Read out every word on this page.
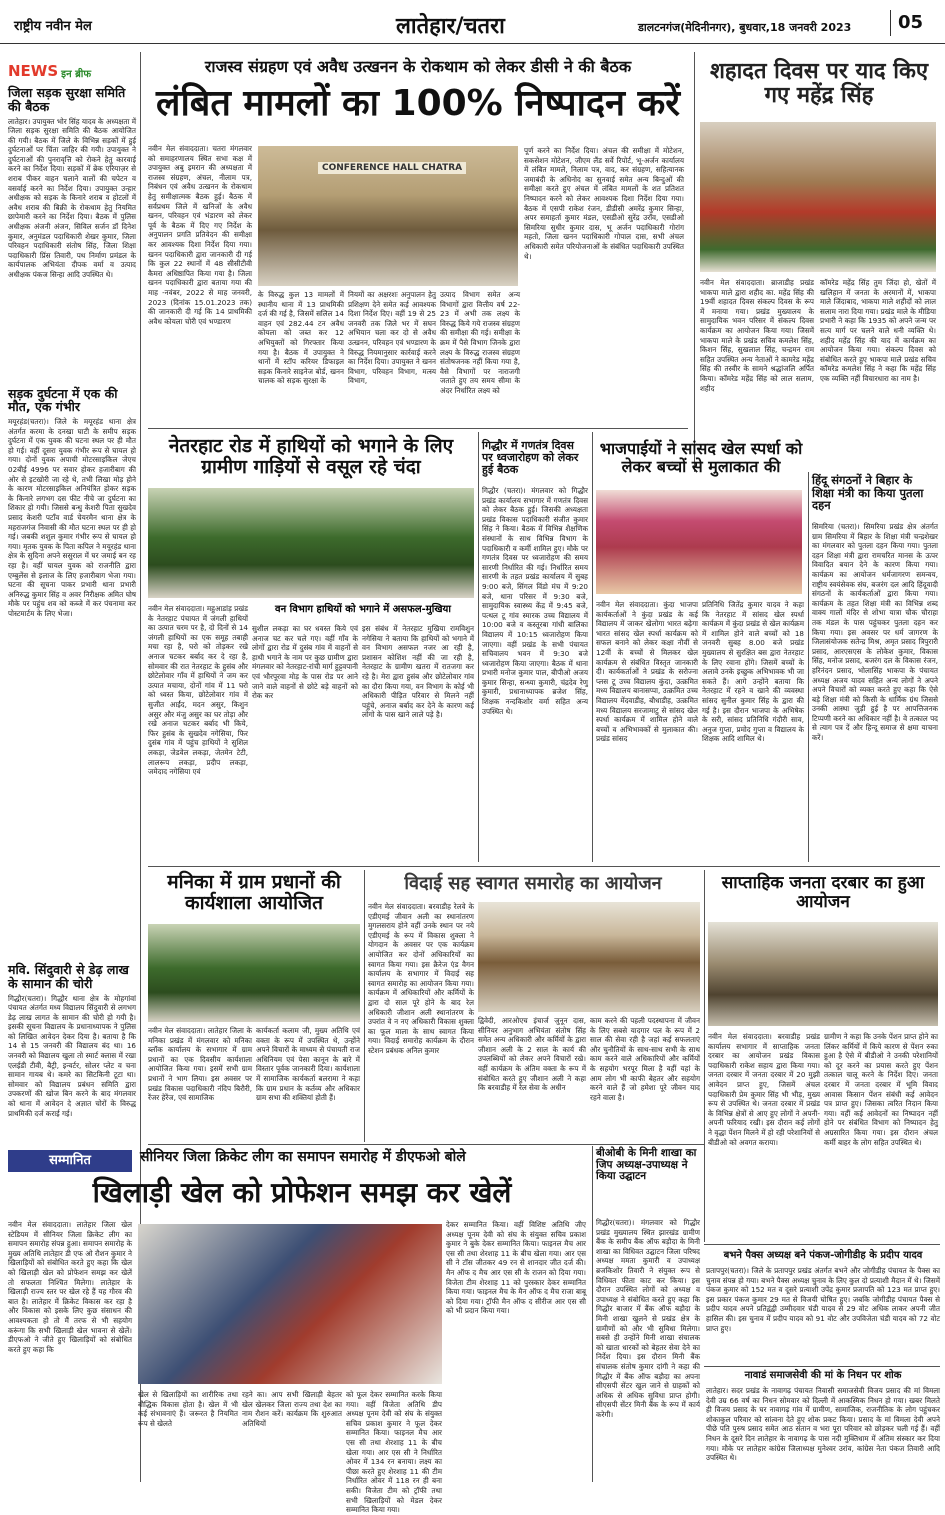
राष्ट्रीय नवीन मेल	लातेहार/चतरा	डालटनगंज(मेदिनीनगर), बुधवार,18 जनवरी 2023	05
NEWS इन ब्रीफ
जिला सड़क सुरक्षा समिति की बैठक
लातेहार। उपायुक्त भोर सिंह यादव के अध्यक्षता में जिला सड़क सुरक्षा समिति की बैठक आयोजित की गयी। बैठक में जिले के विभिन्न सड़कों में हुई दुर्घटनाओं पर चिंता जाहिर की गयी। उपायुक्त ने दुर्घटनाओं की पुनरावृत्ति को रोकने हेतु कारवाई करने का निर्देश दिया। सड़कों में ब्रेक एरियाज़र से शराब पीकर वाहन चलाने वालों की चपेटन व वसर्वाई करने का निर्देश दिया। उपायुक्त उन्हार अधीक्षक को सड़क के किनारे शराब व होटलों में अवैध शराब की बिक्री के रोकथाम हेतु नियमित छापेमारी करने का निर्देश दिया। बैठक में पुलिस अधीक्षक अंजनी अंजन, सिविल सर्जन डॉ दिनेश कुमार, अनुमंडल पदाधिकारी शेखर कुमार, जिला परिवहन पदाधिकारी संतोष सिंह, जिला शिक्षा पदाधिकारी प्रिंस तिवारी, पथ निर्माण प्रमंडल के कार्यपालक अभियंता दीपक वर्मा व उत्पाद अधीक्षक पंकज सिन्हा आदि उपस्थित थे।
सड़क दुर्घटना में एक की मौत, एक गंभीर
मयूरहंड(चतरा)। जिले के मयूरहंड थाना क्षेत्र अंतर्गत करमा के दनखा घाटी के समीप सड़क दुर्घटना में एक युवक की घटना स्थल पर ही मौत हो गई। वहीं दूसरा युवक गंभीर रूप से घायल हो गया। दोनों युवक अपाची मोटरसाइकिल जेएच 02बीई 4996 पर सवार होकर हजारीबाग की ओर से इटखोरी जा रहे थे, तभी लिखा मोड़ होने के कारण मोटरसाइकिल अनियंत्रित होकर सड़क के किनारे लगभग दस फीट नीचे जा दुर्घटना का शिकार हो गयी। जिससे बन्धु केशरी पिता सुखदेव प्रसाद केशरी पटाँव वार्ड चेयरमैन थाना क्षेत्र के महराजगंज निवासी की मौत घटना स्थल पर ही हो गई। जबकी शशुल कुमार गंभीर रूप से घायल हो गया। मृतक युवक के पिता कपिल ने मयूरहंड थाना क्षेत्र के सुदिना अपने ससुराल में घर जमाई बन रह रहा है। वहीं घायल युवक को राजनीति द्वारा एम्बुलेंस से इलाज के लिए हजारीबाग भेजा गया। घटना की सूचना पाकर प्रभारी थाना प्रभारी अनिरुद्ध कुमार सिंह व अवर निरीक्षक अमित घोष मौके पर पहुंच शव को कब्जे में कर पंचनामा कर पोस्टमार्टम के लिए भेजा।
मवि. सिंदुवारी से डेढ़ लाख के सामान की चोरी
गिद्धौर(चतरा)। गिद्धौर थाना क्षेत्र के मोहगांवां पंचायत अंतर्गत मध्य विद्यालय सिंदुवारी से लगभग डेढ़ लाख लागत के सामान की चोरी हो गयी है। इसकी सूचना विद्यालय के प्रधानाध्यापक ने पुलिस को लिखित आवेदन देकर दिया है। बताया है कि 14 से 15 जनवरी की विद्यालय बंद था। 16 जनवरी को विद्यालय खुला तो स्मार्ट क्लास में रखा एलईडी टीवी, बैट्री, इन्वर्टर, सोलर प्लेट व चना सामान गायब थे। कमरे का सिटकिनी टूटा था। सोमवार को विद्यालय प्रबंधन समिति द्वारा उपकरणों की खोज बिन करने के बाद मंगलवार को थाना में आवेदन दे अज्ञात चोरों के विरुद्ध प्राथमिकी दर्ज कराई गई।
राजस्व संग्रहण एवं अवैध उत्खनन के रोकथाम को लेकर डीसी ने की बैठक
लंबित मामलों का 100% निष्पादन करें
नवीन मेल संवाददाता। चतरा मंगलवार को समाहरणालय स्थित सभा कक्ष में उपायुक्त अबु इमरान की अध्यक्षता में राजस्व संग्रहण, अंचल, नीलाम पत्र, निबंधन एवं अवैध उत्खनन के रोकथाम हेतु समीक्षात्मक बैठक हुई। बैठक में सर्वप्रथम जिले में खनिजों के अवैध खनन, परिवहन एवं भंडारण को लेकर पूर्व के बैठक में दिए गए निर्देश के अनुपालन प्रगति प्रतिवेदन की समीक्षा कर आवश्यक दिशा निर्देश दिया गया। खनन पदाधिकारी द्वारा जानकारी दी गई कि कुल 22 स्थानों में 48 सीसीटीवी कैमरा अधिष्ठापित किया गया है। जिला खनन पदाधिकारी द्वारा बताया गया की माह -नवंबर, 2022 से माह जनवरी, 2023 (दिनांक 15.01.2023 तक) की जानकारी दी गई कि 14 प्राथमिकी अवैध कोयला चोरी एवं भण्डारण
CONFERENCE HALL CHATRA
के विरुद्ध कुल 13 मामलों में स्थानीय थाना में 13 प्राथमिकी दर्ज की गई है, जिसमें सलिल 14 वाहन एवं 282.44 टन अवैध कोयला को जब्त कर 12 अभियुक्तों को गिरफ्तार किया गया है। बैठक में उपायुक्त ने थानों में स्टॉप करियर डिफाइल सड़क किनारे साइनेज बोर्ड, खनन चालक को सड़क सुरक्षा के
नियमों का अक्षरशः अनुपालन हेतु प्रशिक्षण देने समेत कई आवश्यक दिशा निर्देश दिए। वहीं 19 से 25 जनवरी तक जिले भर में सघन अभियान चला कर दो से अवैध उत्खनन, परिवहन एवं भण्डारण के विरुद्ध नियमानुसार कार्रवाई करने का निर्देश दिया। उपायुक्त ने खनन विभाग, परिवहन विभाग, मत्स्य विभाग,
उत्पाद विभाग समेत अन्य विभागों द्वारा वित्तीय वर्ष 22-23 में अभी तक लक्ष्य के विरुद्ध किये गये राजस्व संग्रहण की समीक्षा की गई। समीक्षा के क्रम में पैसे विभाग जिनके द्वारा लक्ष्य के विरुद्ध राजस्व संग्रहण संतोषजनक नहीं किया गया है, वैसे विभागों पर नाराजगी जताते हुए तय समय सीमा के अंदर निर्धारित लक्ष्य को
पूर्ण करने का निर्देश दिया। अंचल की समीक्षा में मोटेशन, सकसेशन मोटेशन, जीएम लैंड सर्वे रिपोर्ट, भू-अर्जन कार्यालय में लंबित मामले, निलाम पत्र, वाद, कर संग्रहण, सहित्यानक जमाबंदी के अधिनोद का सुनवाई समेत अन्य बिन्दुओं की समीक्षा करते हुए अंचल में लंबित मामलों के शत प्रतिशत निष्पादन करने को लेकर आवश्यक दिशा निर्देश दिया गया। बैठक में एसपी राकेश रंजन, डीडीसी अमरेंद्र कुमार सिन्हा, अपर समाहर्ता कुमार मंडल, एसडीओ सुरेंद्र उराँव, एसडीओ सिमरिया सुधीर कुमार दास, भू अर्जन पदाधिकारी गोरांग महतो, जिला खनन पदाधिकारी गोपाल दास, सभी अंचल अधिकारी समेत परियोजनाओं के संबंधित पदाधिकारी उपस्थित थे।
शहादत दिवस पर याद किए गए महेंद्र सिंह
नवीन मेल संवाददाता। ब्राजाडीह प्रखंड भाकपा माले द्वारा शहीद का. महेंद्र सिंह की 19वीं शहादत दिवस संकल्प दिवस के रूप में मनाया गया। प्रखंड मुख्यालय के सामुदायिक भवन परिसर में संकल्प दिवस कार्यक्रम का आयोजन किया गया। जिसमें भाकपा माले के प्रखंड सचिव कमलेश सिंह, किशन सिंह, सुखलाल सिंह, चन्द्रमन राम सहित उपस्थित अन्य नेताओं ने कामरेड महेंद्र सिंह की तस्वीर के सामने श्रद्धांजलि अर्पित किया। कॉमरेड महेंद्र सिंह को लाल सलाम, शहीद
कॉमरेड महेंद्र सिंह तुम जिंदा हो, खेतों में खलिहान में जनता के अरमानों में, भाकपा माले जिंदाबाद, भाकपा माले शहीदों को लाल सलाम नारा दिया गया। प्रखंड माले के मीडिया प्रभारी ने कहा कि 1935 को अपने जन्म पर सत्य मार्ग पर चलने वाले धनी व्यक्ति थे। शहीद महेंद्र सिंह की याद में कार्यक्रम का आयोजन किया गया। संकल्प दिवस को संबोधित करते हुए भाकपा माले प्रखंड सचिव कॉमरेड कमलेश सिंह ने कहा कि महेंद्र सिंह एक व्यक्ति नहीं विचारधारा का नाम है।
नेतरहाट रोड में हाथियों को भगाने के लिए ग्रामीण गाड़ियों से वसूल रहे चंदा
नवीन मेल संवाददाता। महुआडांड़ प्रखंड के नेतरहाट पंचायत में जंगली हाथियों का उत्पात चरम पर है, दो दिनों से 14 जंगली हाथियों का एक समूह तबाही मचा रहा है, घरो को तोड़कर रखे अनाज चटकर बर्बाद कर दे रहा है, सोमवार की रात नेतरहाट के हुसंब और छोटेलोवार गाँव में हाथियों ने जम कर उत्पात मचाया, दोनों गांव में 11 घरो को ध्वस्त किया, छोटेलोवार गांव में सुजीत आईंद, मदन असुर, किशुन असुर और मंजु असुर का घर तोड़ा और रखे अनाज चटकर बर्बाद भी किये, फिर हुसंब के सुखदेव नगेसिया, फिर दुसंब गांव में पहुंच हाथियों ने सुशिल लकड़ा, जेडवेल लकड़ा, जेतमेन टेटी, लालरूप लकड़ा, प्रदीप लकड़ा, जमेदाद नगेसिया एवं
वन विभाग हाथियों को भगाने में असफल-मुखिया
सुशील लकड़ा का घर धवस्त किये एवं अनाज चट कर चले गए। वहीं गाँव के लोगों द्वारा रोड में दुसंब गांव में वाहनों से हाथी भगाने के नाम पर कुछ ग्रामीण द्वारा मंगलवार को नेतरहाट-रांची मार्ग हुट्टवपानी एवं भौरपूरवा मोड़ के पास रोड पर आने जाने वाले वाहनों से छोटे बड़े वाहनों को रोक कर
इस संबंध में नेतरहाट मुखिया रामविशुन नगेसिया ने बताया कि हाथियों को भगाने में वन विभाग असफल नजर आ रही है, प्रशासन कोशिश नहीं की जा रही है, नेतरहाट के ग्रामीण खतरा में रातजगा कर रहे है। मेरा द्वारा हुसंब और छोटेलोवार गांव का दौरा किया गया, वन विभाग के कोई भी अधिकारी पीड़ित परिवार से मिलने नहीं पहुंचे, अनाज बर्बाद कर देने के कारण कई लोगो के पास खाने लाले पड़े है।
गिद्धौर में गणतंत्र दिवस पर ध्वजारोहण को लेकर हुई बैठक
गिद्धौर (चतरा)। मंगलवार को गिद्धौर प्रखंड कार्यालय सभागार में गणतंत्र दिवस को लेकर बैठक हुई। जिसकी अध्यक्षता प्रखंड विकास पदाधिकारी संजीत कुमार सिंह ने किया। बैठक में विभिन्न शैक्षणिक संस्थानों के साथ विभिन्न विभाग के पदाधिकारी व कर्मी शामिल हुए। मौके पर गणतंत्र दिवस पर ध्वजारोहण की समय सारणी निर्धारित की गई। निर्धारित समय सारणी के तहत प्रखंड कार्यालय में सुबह 9:00 बजे, सिंगल विंडो मंच में 9:20 बजे, थाना परिसर में 9:30 बजे, सामुदायिक स्वास्थ्य केंद्र में 9:45 बजे, पत्थल टू गांव स्मारक उच्च विद्यालय में 10:00 बजे व कस्तूरबा गांधी बालिका विद्यालय में 10:15 ध्वजारोहण किया जाएगा। वहीं प्रखंड के सभी पंचायत सचिवालय भवन में 9:30 बजे ध्वजारोहण किया जाएगा। बैठक में थाना प्रभारी मनोज कुमार पाल, बीपीओ अजय कुमार सिन्हा, सन्ध्या कुमारी, चंद्रदेव रेणु कुमारी, प्रधानाध्यापक ब्रजेश सिंह, शिक्षक नन्दकिशोर वर्मा सहित अन्य उपस्थित थे।
भाजपाईयों ने सांसद खेल स्पर्धा को लेकर बच्चों से मुलाकात की
नवीन मेल संवाददाता। कुंदा भाजपा कार्यकर्ताओं ने कुंदा प्रखंड के कई विद्यालय में जाकर खेलोगा भारत बढ़ेगा भारत सांसद खेल स्पर्धा कार्यक्रम को सफल बनाने को लेकर कक्षा नौवीं से 12वीं के बच्चों से मिलकर खेल कार्यक्रम से संबंधित विस्तृत जानकारी दी। कार्यकर्ताओं ने प्रखंड के सरोज्ना प्लस टू उच्च विद्यालय कुंदा, उत्क्रमित मध्य विद्यालय बानासप्पा, उत्क्रमित उच्च विद्यालय मेंदवाडीह, बौधाडीह, उत्क्रमित मध्य विद्यालय सरजामाटु से सांसद खेल स्पर्धा कार्यक्रम में शामिल होने वाले बच्चों व अभिभावकों से मुलाकात की। प्रखंड सांसद
प्रतिनिधि जितेंद्र कुमार यादव ने कहा कि नेतरहाट में सांसद खेल स्पर्धा कार्यक्रम में कुंदा प्रखंड से खेल कार्यक्रम में शामिल होने वाले बच्चों को 18 जनवरी सुबह 8.00 बजे प्रखंड मुख्यालय से सुरक्षित बस द्वारा नेतरहाट के लिए रवाना होंगे। जिसमें बच्चों के अलावे उनके इच्छुक अभिभावक भी जा सकते हैं। आगे उन्होंने बताया कि नेतरहाट में रहने व खाने की व्यवस्था सांसद सुनील कुमार सिंह के द्वारा की गई है। इस दौरान भाजपा के अभिषेक के सरी, सांसद प्रतिनिधि गंदौरी साव, अनुज गुप्ता, प्रमोद गुप्ता व विद्यालय के शिक्षक आदि शामिल थे।
हिंदू संगठनों ने बिहार के शिक्षा मंत्री का किया पुतला दहन
सिमरिया (चतरा)। सिमरिया प्रखंड क्षेत्र अंतर्गत ग्राम सिमरिया में बिहार के शिक्षा मंत्री चन्द्रशेखर का मंगलवार को पुतला दहन किया गया। पुतला दहन शिक्षा मंत्री द्वारा रामचरित मानस के ऊपर विवादित बयान देने के कारण किया गया। कार्यक्रम का आयोजन धर्मजागरण समन्वय, राष्ट्रीय स्वयंसेवक संघ, बजरंग दल आदि हिंदूवादी संगठनों के कार्यकर्ताओं द्वारा किया गया। कार्यक्रम के तहत शिक्षा मंत्री का विभिन्न शब्द वाक्य गालों मंदिर से शोभा यात्रा चौक चौराहा तक मंडल के पास पहुंचकर पुतला दहन कर किया गया। इस अवसर पर धर्म जागरण के जिलासंयोजक सतेन्द्र मिश्र, अमृत प्रसाद त्रिपुरारी प्रसाद, आरएसएस के लोकेश कुमार, विकास सिंह, मनोज प्रसाद, बजरंग दल के विकास रंजन, हरिनंदन प्रसाद, भोलासिंह भाकपा के पंचायत अध्यक्ष अजय यादव सहित अन्य लोगों ने अपने अपने विचारों को व्यक्त करते हुए कहा कि ऐसे बड़े शिक्षा मंत्री को किसी के धार्मिक ग्रंथ जिससे उनकी आस्था जुड़ी हुई है पर आपत्तिजनक टिप्पणी करने का अधिकार नहीं है। वे तत्काल पद से त्याग पत्र दें और हिन्दू समाज से क्षमा याचना करें।
मनिका में ग्राम प्रधानों की कार्यशाला आयोजित
नवीन मेल संवाददाता। लातेहार जिला के मनिका प्रखंड में मंगलवार को मनिका ब्लॉक कार्यालय के सभागार में ग्राम प्रधानों का एक दिवसीय कार्यशाला आयोजित किया गया। इसमें सभी ग्राम प्रधानों ने भाग लिया। इस अवसर पर प्रखंड विकास पदाधिकारी नंदिप बिरौरी, रेंजर हेरेंज, एवं सामाजिक
कार्यकर्ता कलाम जी, मुख्य अतिथि एवं वक्ता के रूप में उपस्थित थे, उन्होंने अपने विचारों के माध्यम से पंचायती राज अधिनियम एवं पेसा कानून के बारे में विस्तार पूर्वक जानकारी दिया। कार्यशाला में सामाजिक कार्यकर्ता बलरामा ने कहा कि ग्राम प्रधान के कर्तव्य और अधिकार ग्राम सभा की शक्तियां होती हैं।
विदाई सह स्वागत समारोह का आयोजन
नवीन मेल संवाददाता। बरवाडीह रेलवे के एडीएमई जीवान अली का स्थानांतरण मुगलसराय होने वहीं उनके स्थान पर नये एडीएमई के रूप में विकास शुक्ला ने योगदान के अवसर पर एक कार्यक्रम आयोजित कर दोनों अधिकारियों का स्वागत किया गया। इस क्रैरेज एंड वैगन कार्यालय के सभागार में विदाई सह स्वागत समारोह का आयोजन किया गया। कार्यक्रम में अधिकारियों और कर्मियों के द्वारा दो साल पूरे होने के बाद रेल अधिकारी जीशान अली स्थानांतरण के उपरांत वे न नए अधिकारी विकास शुक्ला का फूल माला के साथ स्वागत किया गया। विदाई समारोह कार्यक्रम के दौरान स्टेशन प्रबंधक अनिल कुमार
द्विवेदी, आरओएच इंचार्ज जुनून दास, सीनियर अनुभाग अभियंता संतोष सिंह समेत अन्य अधिकारी और कर्मियों के द्वारा जीशान अली के 2 साल के कार्य की उपलब्धियों को लेकर अपने विचारों रखे। वहीं कार्यक्रम के अंतिम वक्ता के रूप में संबोधित करते हुए जीशान अली ने कहा कि बरवाडीह में रेल सेवा के अधीन
काम करने की पहली पदस्थापना में जीवन के लिए सबसे यादगार पल के रूप में 2 साल की सेवा रही है जहां कई सफलताएं और चुनौतियों के साथ-साथ सभी के साथ काम करने वाले अधिकारियों और कर्मियों के सहयोग भरपूर मिला है वहीं यहां के आम लोग भी काफी बेहतर और सहयोग करने वाले हैं जो हमेशा पूरे जीवन याद रहने वाला है।
साप्ताहिक जनता दरबार का हुआ आयोजन
नवीन मेल संवाददाता। बरवाडीह प्रखंड कार्यालय सभागार में साप्ताहिक जनता दरबार का आयोजन प्रखंड विकास पदाधिकारी राकेश सहाय द्वारा किया गया। जनता दरबार में जनता दरबार में 20 मुझी आवेदन प्राप्त हुए, जिसमें अंचल पदाधिकारी प्रेम कुमार सिंह भी भीड़, मुख्य रूप से उपस्थित थे। जनता दरबार में प्रखंड के विभिन्न क्षेत्रों से आए हुए लोगों ने अपनी-अपनी फरियाद रखी। इस दौरान कई लोगों ने वृद्धा पेंशन मिलने में हो रही परेशानियों से बीडीओ को अवगत कराया।
ग्रामीण ने कहा कि उनके पेंशन प्राप्त होने का लिंकर कर्मियों में किये कारण से पेंशन रुका हुआ है ऐसे में बीडीओ ने उनकी परेशानियों को दूर करने का प्रयास करते हुए पेंशन तत्काल चालू करने के निर्देश दिए। जनता दरबार में जनता दरबार में भूमि विवाद आवास किसान पेंशन संबंधी कई आवेदन पत्र प्राप्त हुए। जिसका त्वरित निदान किया गया। वहीं कई आवेदनों का निष्पादन नहीं होने पर संबंधित विभाग को निष्पादन हेतु अग्रसारित किया गया। इस दौरान अंचल कर्मी बाहर के लोग सहित उपस्थित थे।
सम्मानित	सीनियर जिला क्रिकेट लीग का समापन समारोह में डीएफओ बोले
खिलाड़ी खेल को प्रोफेशन समझ कर खेलें
नवीन मेल संवाददाता। लातेहार जिला खेल स्टेडियम में सीनियर जिला क्रिकेट लीग का समापन समारोह संपन्न हुआ। समापन समारोह के मुख्य अतिथि लातेहार डी एफ ओ रौशन कुमार ने खिलाड़ियों को संबोधित करते हुए कहा कि खेल को खिलाड़ी खेल को प्रोफेशन समझ कर खेलें तो सफलता निश्चित मिलेगा। लातेहार के खिलाड़ी राज्य स्तर पर खेल रहे हैं यह गौरव की बात है। लातेहार में क्रिकेट विकास कर रहा है और विकास को इसके लिए कुछ संसाधन की आवश्यकता हो तो मैं तरफ से भी सहयोग करूंगा कि सभी खिलाड़ी खेल भावना से खेलें। डीएफओ ने जीते हुए खिलाड़ियों को संबोधित करते हुए कहा कि
खेल से खिलाड़ियों का शारीरिक तथा बौद्धिक विकास होता है। खेल में भी कई संभावनाएं हैं। जरूरत है नियमित रूप से खेलते
रहने का। आप सभी खिलाड़ी बेहतर खेल खेलकर जिला राज्य तथा देश का नाम रौशन करें। कार्यक्रम कि शुरुआत अतिथियों
को फूल देकर सम्मानित करके किया गया। वहीं विजेता अतिथि डीप अध्यक्ष पूनम देवी को संघ के संयुक्त सचिव प्रकाश कुमार ने फूल देकर सम्मानित किया। फाइनल मैच आर एस सी तथा शेरशाह 11 के बीच खेला गया। आर एस सी ने निर्धारित ओवर में 134 रन बनाया। लक्ष्य का पीछा करते हुए शेरशाह 11 की टीम निर्धारित ओवर में 118 रन ही बना सकी। विजेता टीम को ट्रॉफी तथा सभी खिलाड़ियों को मेडल देकर सम्मानित किया गया।
देकर सम्मानित किया। वहीं विशिष्ट अतिथि जीए अध्यक्ष पूनम देवी को संघ के संयुक्त सचिव प्रकाश कुमार ने बुके देकर सम्मानित किया। फाइनल मैच आर एस सी तथा शेरशाह 11 के बीच खेला गया। आर एस सी ने टॉस जीतकर 49 रन से शानदार जीत दर्ज की। मैन ऑफ द मैच आर एस सी के राजन को दिया गया। विजेता टीम शेरशाह 11 को पुरस्कार देकर सम्मानित किया गया। फाइनल मैच के मैन ऑफ द मैच राजा बाबू को दिया गया। ट्रॉफी मैन ऑफ द सीरीज आर एस सी को भी प्रदान किया गया।
बीओबी के मिनी शाखा का जिप अध्यक्ष-उपाध्यक्ष ने किया उद्घाटन
गिद्धौर(चतरा)। मंगलवार को गिद्धौर प्रखंड मुख्यालय स्थित झारखंड ग्रामीण बैंक के समीप बैंक ऑफ बड़ौदा के मिनी शाखा का विधिवत उद्घाटन जिला परिषद अध्यक्ष ममता कुमारी व उपाध्यक्ष ब्रजकिशोर तिवारी ने संयुक्त रूप से विधिवत फीता काट कर किया। इस दौरान उपस्थित लोगों को अध्यक्ष व उपाध्यक्ष ने संबोधित करते हुए कहा कि गिद्धौर बाजार में बैंक ऑफ बड़ौदा के मिनी शाखा खुलने से प्रखंड क्षेत्र के ग्रामीणों को और भी सुविधा मिलेगा। सबसे ही उन्होंने मिनी शाखा संचालक को खाता धारकों को बेहतर सेवा देने का निर्देश दिया। इस दौरान मिनी बैंक संचालक संतोष कुमार दांगी ने कहा की गिद्धौर में बैंक ऑफ बड़ौदा का अपना सीएसपी सेंटर खुल जाने से ग्राहकों को अधिक से अधिक सुविधा प्राप्त होगी। सीएसपी सेंटर मिनी बैंक के रूप में कार्य करेगी।
बभने पैक्स अध्यक्ष बने पंकज-जोगीडीह के प्रदीप यादव
प्रतापपुर(चतरा)। जिले के प्रतापपुर प्रखंड अंतर्गत बभने और जोगीडीह पंचायत के पैक्स का चुनाव संपन्न हो गया। बभने पैक्स अध्यक्ष चुनाव के लिए कुल दो प्रत्याशी मैदान में थे। जिसमें पंकज कुमार को 152 मत व दूसरे प्रत्याशी उपेंद्र कुमार प्रजापति को 123 मत प्राप्त हुए। इस प्रकार पंकज कुमार 29 मत से विजयी घोषित हुए। जबकि जोगीडीह पंचायत पैक्स से प्रदीप यादव अपने प्रतिद्वंद्वी उम्मीदवार चंडी यादव से 29 वोट अधिक लाकर अपनी जीत हासिल की। इस चुनाव में प्रदीप यादव को 91 वोट और उपविजेता चंडी यादव को 72 वोट प्राप्त हुए।
नावाडं समाजसेवी की मां के निधन पर शोक
लातेहार। सदर प्रखंड के नावागढ़ पंचायत निवासी समाजसेवी विजय प्रसाद की मां विमला देवी उम्र 66 वर्ष का निधन सोमवार को दिल्ली में आकस्मिक निधन हो गया। खबर मिलते ही विजय प्रसाद के घर नावागढ़ गांव में ग्रामीण, सामाजिक, राजनीतिक के लोग पहुंचकर शोकाकुल परिवार को सांत्वना देते हुए शोक प्रकट किया। प्रसाद के मां विमला देवी अपने पीछे पति पुरुष प्रसाद समेत आठ संतान व भरा पूरा परिवार को छोड़कर चली गई हैं। वहीं निधन के दूसरे दिन लातेहार के नावागढ़ के पास नदी मुक्तिधाम में अंतिम संस्कार कर दिया गया। मौके पर लातेहार कांग्रेस जिलाध्यक्ष मुनेश्वर उरांव, कांग्रेस नेता पंकज तिवारी आदि उपस्थित थे।
